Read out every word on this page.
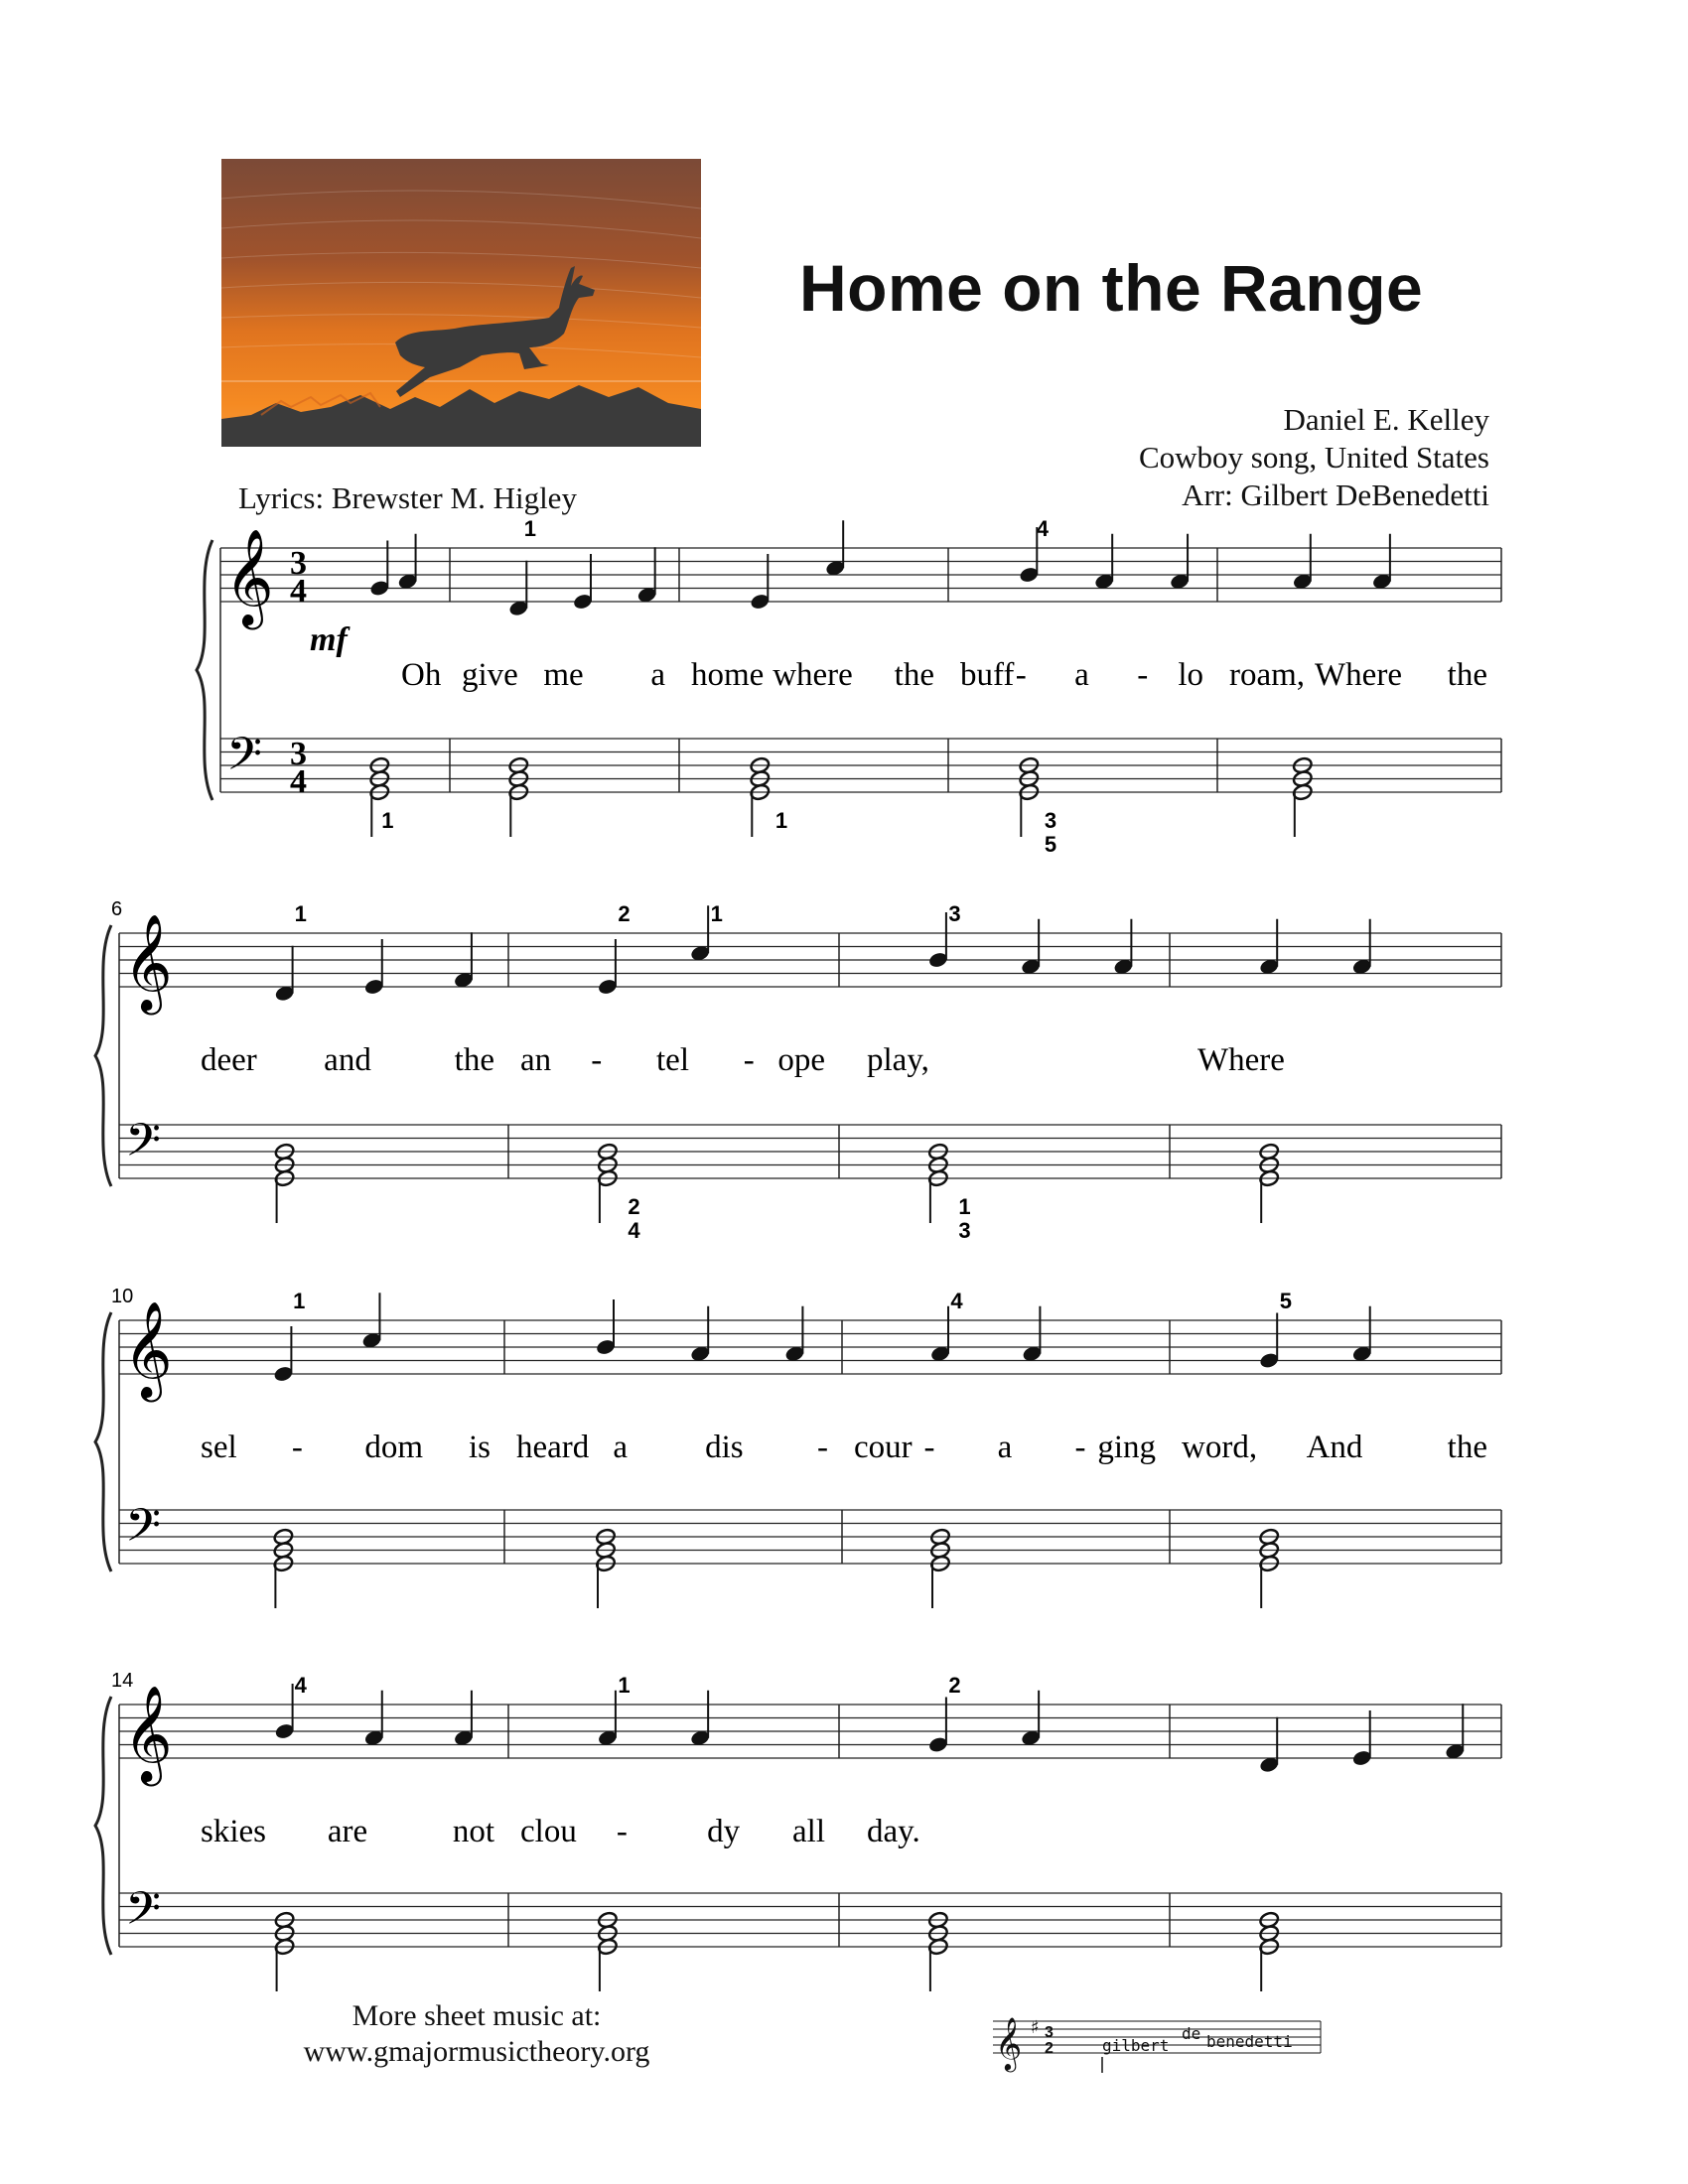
Home on the Range
Daniel E. Kelley
Cowboy song, United States
Arr: Gilbert DeBenedetti
Lyrics: Brewster M. Higley
𝄞
𝄢
3
4
3
4
mf
Oh give me a home where the buff - a - lo roam, Where the
1	4
1	1	3
5
𝄞
𝄢
6
deer and	the an - tel - ope play,	Where
1	2	1	3
2
4
1
3
𝄞
𝄢
10
sel - dom is heard a dis - cour - a - ging word, And	the
1	4	5
𝄞
𝄢
14
skies are	not clou - dy all day.
4	1	2
More sheet music at:
www.gmajormusictheory.org	𝄞 ♯ 3
2	gilbert
de benedetti
